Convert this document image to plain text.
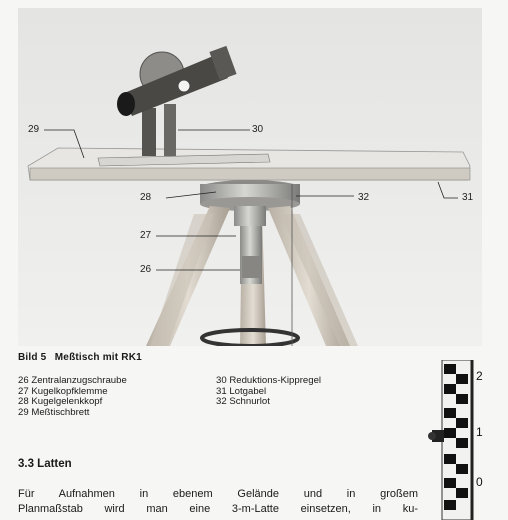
29	30
28	32	31
27
26
Bild 5 Meßtisch mit RK1
26 Zentralanzugschraube
27 Kugelkopfklemme
28 Kugelgelenkkopf
29 Meßtischbrett
30 Reduktions-Kippregel
31 Lotgabel
32 Schnurlot
3.3 Latten
Für Aufnahmen in ebenem Gelände und in großem
Planmaßstab wird man eine 3-m-Latte einsetzen, in ku-
2
1
0
